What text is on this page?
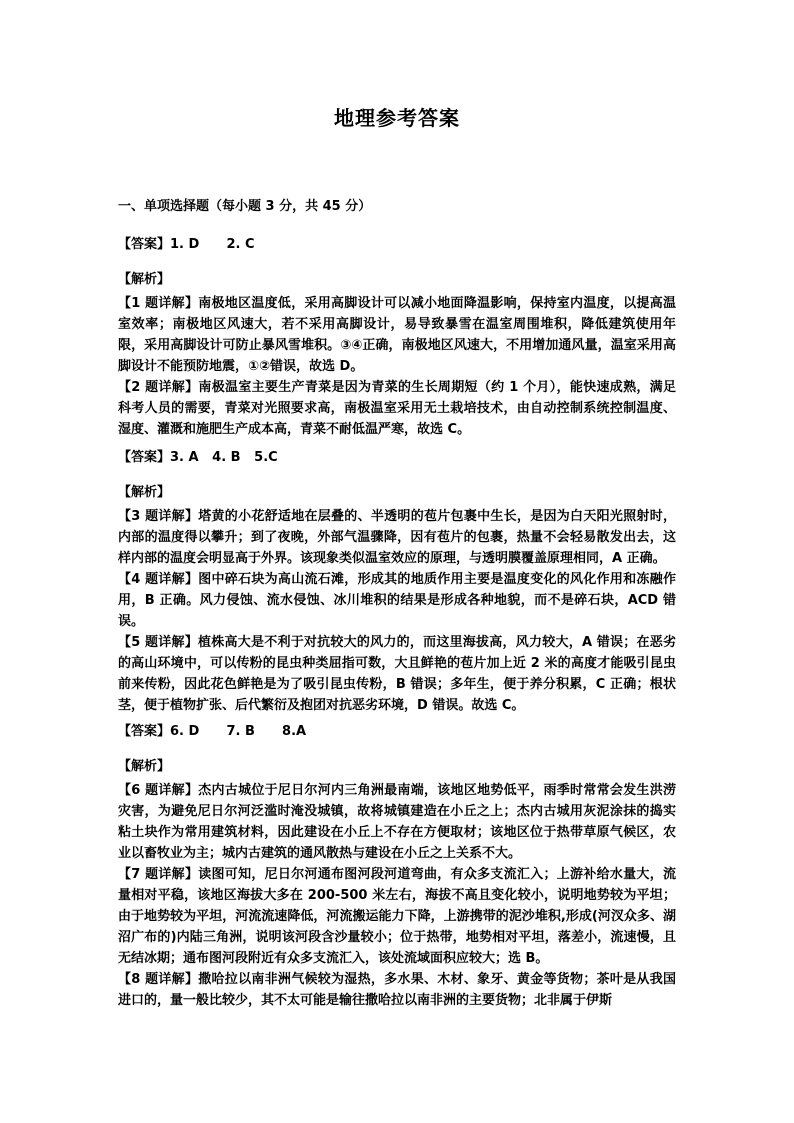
地理参考答案
一、单项选择题（每小题 3 分，共 45 分）
【答案】1. D      2. C
【解析】

【1 题详解】南极地区温度低，采用高脚设计可以减小地面降温影响，保持室内温度，以提高温室效率；南极地区风速大，若不采用高脚设计，易导致暴雪在温室周围堆积，降低建筑使用年限，采用高脚设计可防止暴风雪堆积。③④正确，南极地区风速大，不用增加通风量，温室采用高脚设计不能预防地震，①②错误，故选 D。

【2 题详解】南极温室主要生产青菜是因为青菜的生长周期短（约 1 个月），能快速成熟，满足科考人员的需要，青菜对光照要求高，南极温室采用无土栽培技术，由自动控制系统控制温度、湿度、灌溉和施肥生产成本高，青菜不耐低温严寒，故选 C。

【答案】3. A   4. B   5.C
【解析】

【3 题详解】塔黄的小花舒适地在层叠的、半透明的苞片包裹中生长，是因为白天阳光照射时，内部的温度得以攀升；到了夜晚，外部气温骤降，因有苞片的包裹，热量不会轻易散发出去，这样内部的温度会明显高于外界。该现象类似温室效应的原理，与透明膜覆盖原理相同，A 正确。

【4 题详解】图中碎石块为高山流石滩，形成其的地质作用主要是温度变化的风化作用和冻融作用，B 正确。风力侵蚀、流水侵蚀、冰川堆积的结果是形成各种地貌，而不是碎石块，ACD 错误。

【5 题详解】植株高大是不利于对抗较大的风力的，而这里海拔高，风力较大，A 错误；在恶劣的高山环境中，可以传粉的昆虫种类屈指可数，大且鲜艳的苞片加上近 2 米的高度才能吸引昆虫前来传粉，因此花色鲜艳是为了吸引昆虫传粉，B 错误；多年生，便于养分积累，C 正确；根状茎，便于植物扩张、后代繁衍及抱团对抗恶劣环境，D 错误。故选 C。

【答案】6. D      7. B      8.A
【解析】

【6 题详解】杰内古城位于尼日尔河内三角洲最南端，该地区地势低平，雨季时常常会发生洪涝灾害，为避免尼日尔河泛滥时淹没城镇，故将城镇建造在小丘之上；杰内古城用灰泥涂抹的捣实粘土块作为常用建筑材料，因此建设在小丘上不存在方便取材；该地区位于热带草原气候区，农业以畜牧业为主；城内古建筑的通风散热与建设在小丘之上关系不大。

【7 题详解】读图可知，尼日尔河通布图河段河道弯曲，有众多支流汇入；上游补给水量大，流量相对平稳，该地区海拔大多在 200-500 米左右，海拔不高且变化较小，说明地势较为平坦；由于地势较为平坦，河流流速降低，河流搬运能力下降，上游携带的泥沙堆积,形成(河汊众多、湖沼广布的)内陆三角洲，说明该河段含沙量较小；位于热带，地势相对平坦，落差小，流速慢，且无结冰期；通布图河段附近有众多支流汇入，该处流域面积应较大；选 B。

【8 题详解】撒哈拉以南非洲气候较为湿热，多水果、木材、象牙、黄金等货物；茶叶是从我国进口的，量一般比较少，其不太可能是输往撒哈拉以南非洲的主要货物；北非属于伊斯
